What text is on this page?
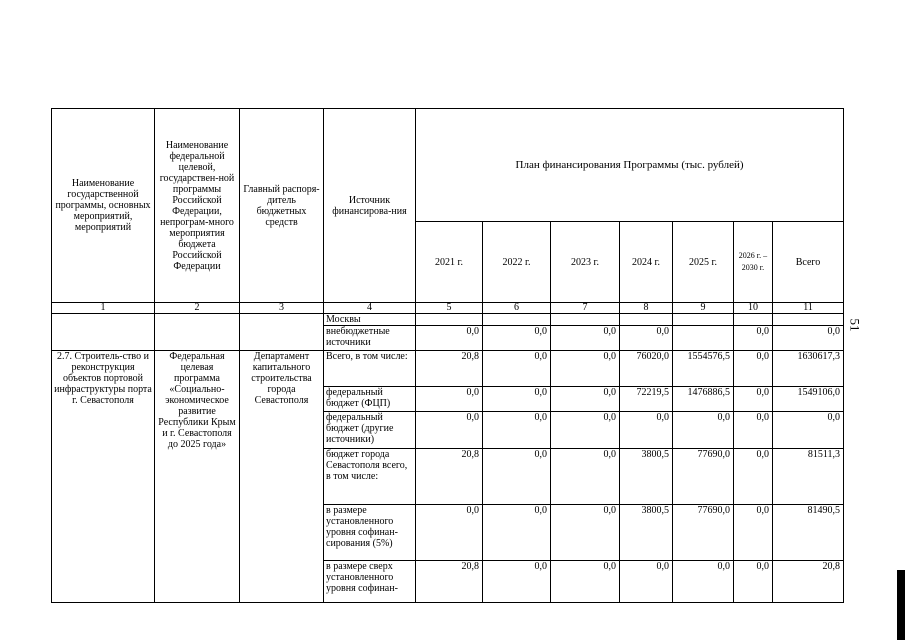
51
Наименование государственной программы, основных мероприятий, мероприятий	Наименование федеральной целевой, государствен-ной программы Российской Федерации, непрограм-много мероприятия бюджета Российской Федерации	Главный распоря-дитель бюджетных средств	Источник финансирова-ния	План финансирования Программы (тыс. рублей)						
				2021 г.	2022 г.	2023 г.	2024 г.	2025 г.	2026 г. – 2030 г.	Всего
1	2	3	4	5	6	7	8	9	10	11
			Москвы							
			внебюджетные источники	0,0	0,0	0,0	0,0		0,0	0,0
2.7. Строитель-ство и реконструкция объектов портовой инфраструктуры порта г. Севастополя	Федеральная целевая программа «Социально-экономическое развитие Республики Крым и г. Севастополя до 2025 года»	Департамент капитального строительства города Севастополя	Всего, в том числе:	20,8	0,0	0,0	76020,0	1554576,5	0,0	1630617,3
			федеральный бюджет (ФЦП)	0,0	0,0	0,0	72219,5	1476886,5	0,0	1549106,0
			федеральный бюджет (другие источники)	0,0	0,0	0,0	0,0	0,0	0,0	0,0
			бюджет города Севастополя всего, в том числе:	20,8	0,0	0,0	3800,5	77690,0	0,0	81511,3
			в размере установленного уровня софинан-сирования (5%)	0,0	0,0	0,0	3800,5	77690,0	0,0	81490,5
			в размере сверх установленного уровня софинан-	20,8	0,0	0,0	0,0	0,0	0,0	20,8
